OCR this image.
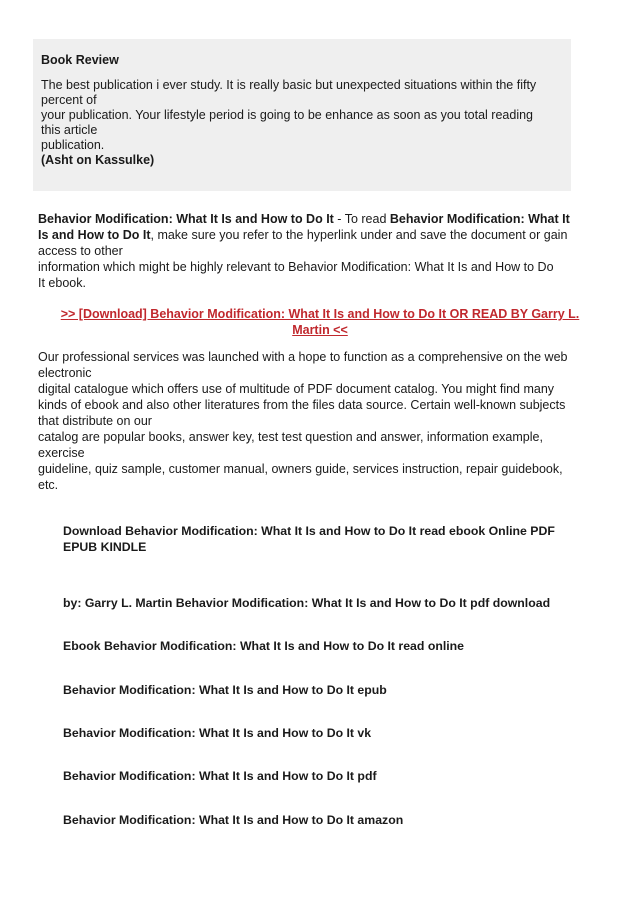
Book Review

The best publication i ever study. It is really basic but unexpected situations within the fifty
percent of
your publication. Your lifestyle period is going to be enhance as soon as you total reading
this article
publication.
(Asht on Kassulke)

Behavior Modification: What It Is and How to Do It - To read Behavior Modification: What It
Is and How to Do It, make sure you refer to the hyperlink under and save the document or gain
access to other
information which might be highly relevant to Behavior Modification: What It Is and How to Do
It ebook.
>> [Download] Behavior Modification: What It Is and How to Do It OR READ BY Garry L.
Martin <<
Our professional services was launched with a hope to function as a comprehensive on the web
electronic
digital catalogue which offers use of multitude of PDF document catalog. You might find many
kinds of ebook and also other literatures from the files data source. Certain well-known subjects
that distribute on our
catalog are popular books, answer key, test test question and answer, information example,
exercise
guideline, quiz sample, customer manual, owners guide, services instruction, repair guidebook,
etc.
Download Behavior Modification: What It Is and How to Do It read ebook Online PDF
EPUB KINDLE
by: Garry L. Martin Behavior Modification: What It Is and How to Do It pdf download
Ebook Behavior Modification: What It Is and How to Do It read online
Behavior Modification: What It Is and How to Do It epub
Behavior Modification: What It Is and How to Do It vk
Behavior Modification: What It Is and How to Do It pdf
Behavior Modification: What It Is and How to Do It amazon
